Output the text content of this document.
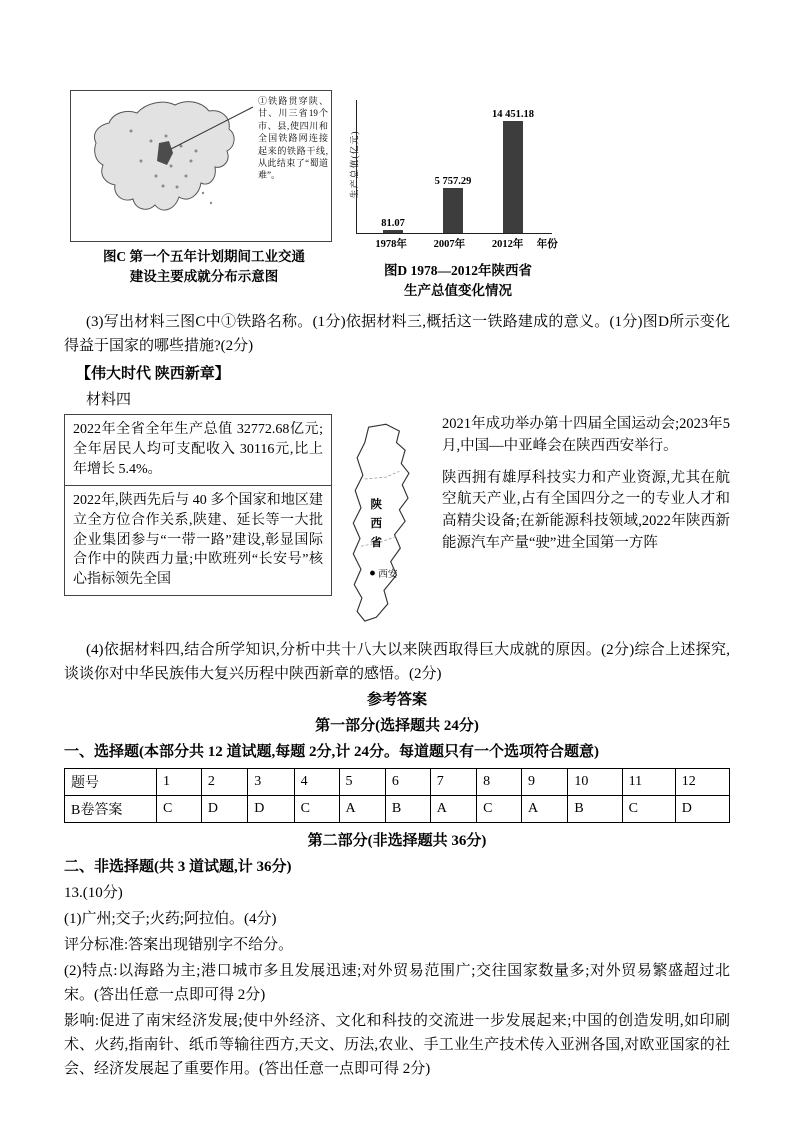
①铁路贯穿陕、甘、川三省19个市、县,使四川和全国铁路网连接起来的铁路干线,从此结束了“蜀道难”。
图C 第一个五年计划期间工业交通
建设主要成就分布示意图
生产总值(亿元)
81.07
5 757.29
14 451.18
1978年	2007年	2012年	年份
图D 1978—2012年陕西省
生产总值变化情况

(3)写出材料三图C中①铁路名称。(1分)依据材料三,概括这一铁路建成的意义。(1分)图D所示变化得益于国家的哪些措施?(2分)

【伟大时代 陕西新章】

材料四

2022年全省全年生产总值 32772.68亿元;全年居民人均可支配收入 30116元,比上年增长 5.4%。
2022年,陕西先后与 40 多个国家和地区建立全方位合作关系,陕建、延长等一大批企业集团参与“一带一路”建设,彰显国际合作中的陕西力量;中欧班列“长安号”核心指标领先全国
陕
西
省
西安
2021年成功举办第十四届全国运动会;2023年5月,中国—中亚峰会在陕西西安举行。
陕西拥有雄厚科技实力和产业资源,尤其在航空航天产业,占有全国四分之一的专业人才和高精尖设备;在新能源科技领域,2022年陕西新能源汽车产量“驶”进全国第一方阵

(4)依据材料四,结合所学知识,分析中共十八大以来陕西取得巨大成就的原因。(2分)综合上述探究,谈谈你对中华民族伟大复兴历程中陕西新章的感悟。(2分)

参考答案

第一部分(选择题共 24分)

一、选择题(本部分共 12 道试题,每题 2分,计 24分。每道题只有一个选项符合题意)

题号	1	2	3	4	5	6	7	8	9	10	11	12
B卷答案	C	D	D	C	A	B	A	C	A	B	C	D

第二部分(非选择题共 36分)

二、非选择题(共 3 道试题,计 36分)

13.(10分)

(1)广州;交子;火药;阿拉伯。(4分)

评分标准:答案出现错别字不给分。

(2)特点:以海路为主;港口城市多且发展迅速;对外贸易范围广;交往国家数量多;对外贸易繁盛超过北宋。(答出任意一点即可得 2分)

影响:促进了南宋经济发展;使中外经济、文化和科技的交流进一步发展起来;中国的创造发明,如印刷术、火药,指南针、纸币等输往西方,天文、历法,农业、手工业生产技术传入亚洲各国,对欧亚国家的社会、经济发展起了重要作用。(答出任意一点即可得 2分)
